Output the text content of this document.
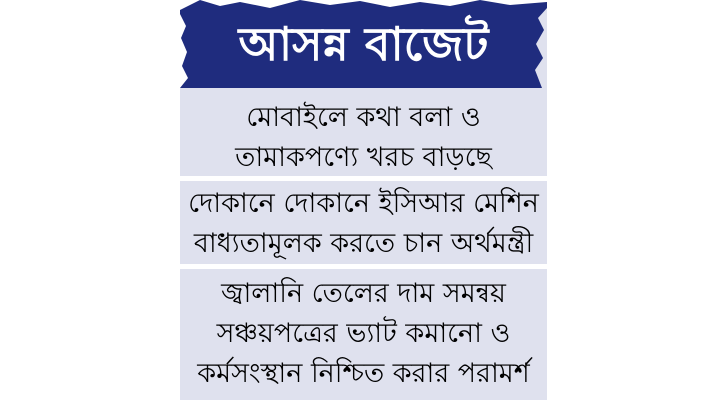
আসন্ন বাজেট
মোবাইলে কথা বলা ও
তামাকপণ্যে খরচ বাড়ছে
দোকানে দোকানে ইসিআর মেশিন
বাধ্যতামূলক করতে চান অর্থমন্ত্রী
জ্বালানি তেলের দাম সমন্বয়
সঞ্চয়পত্রের ভ্যাট কমানো ও
কর্মসংস্থান নিশ্চিত করার পরামর্শ
